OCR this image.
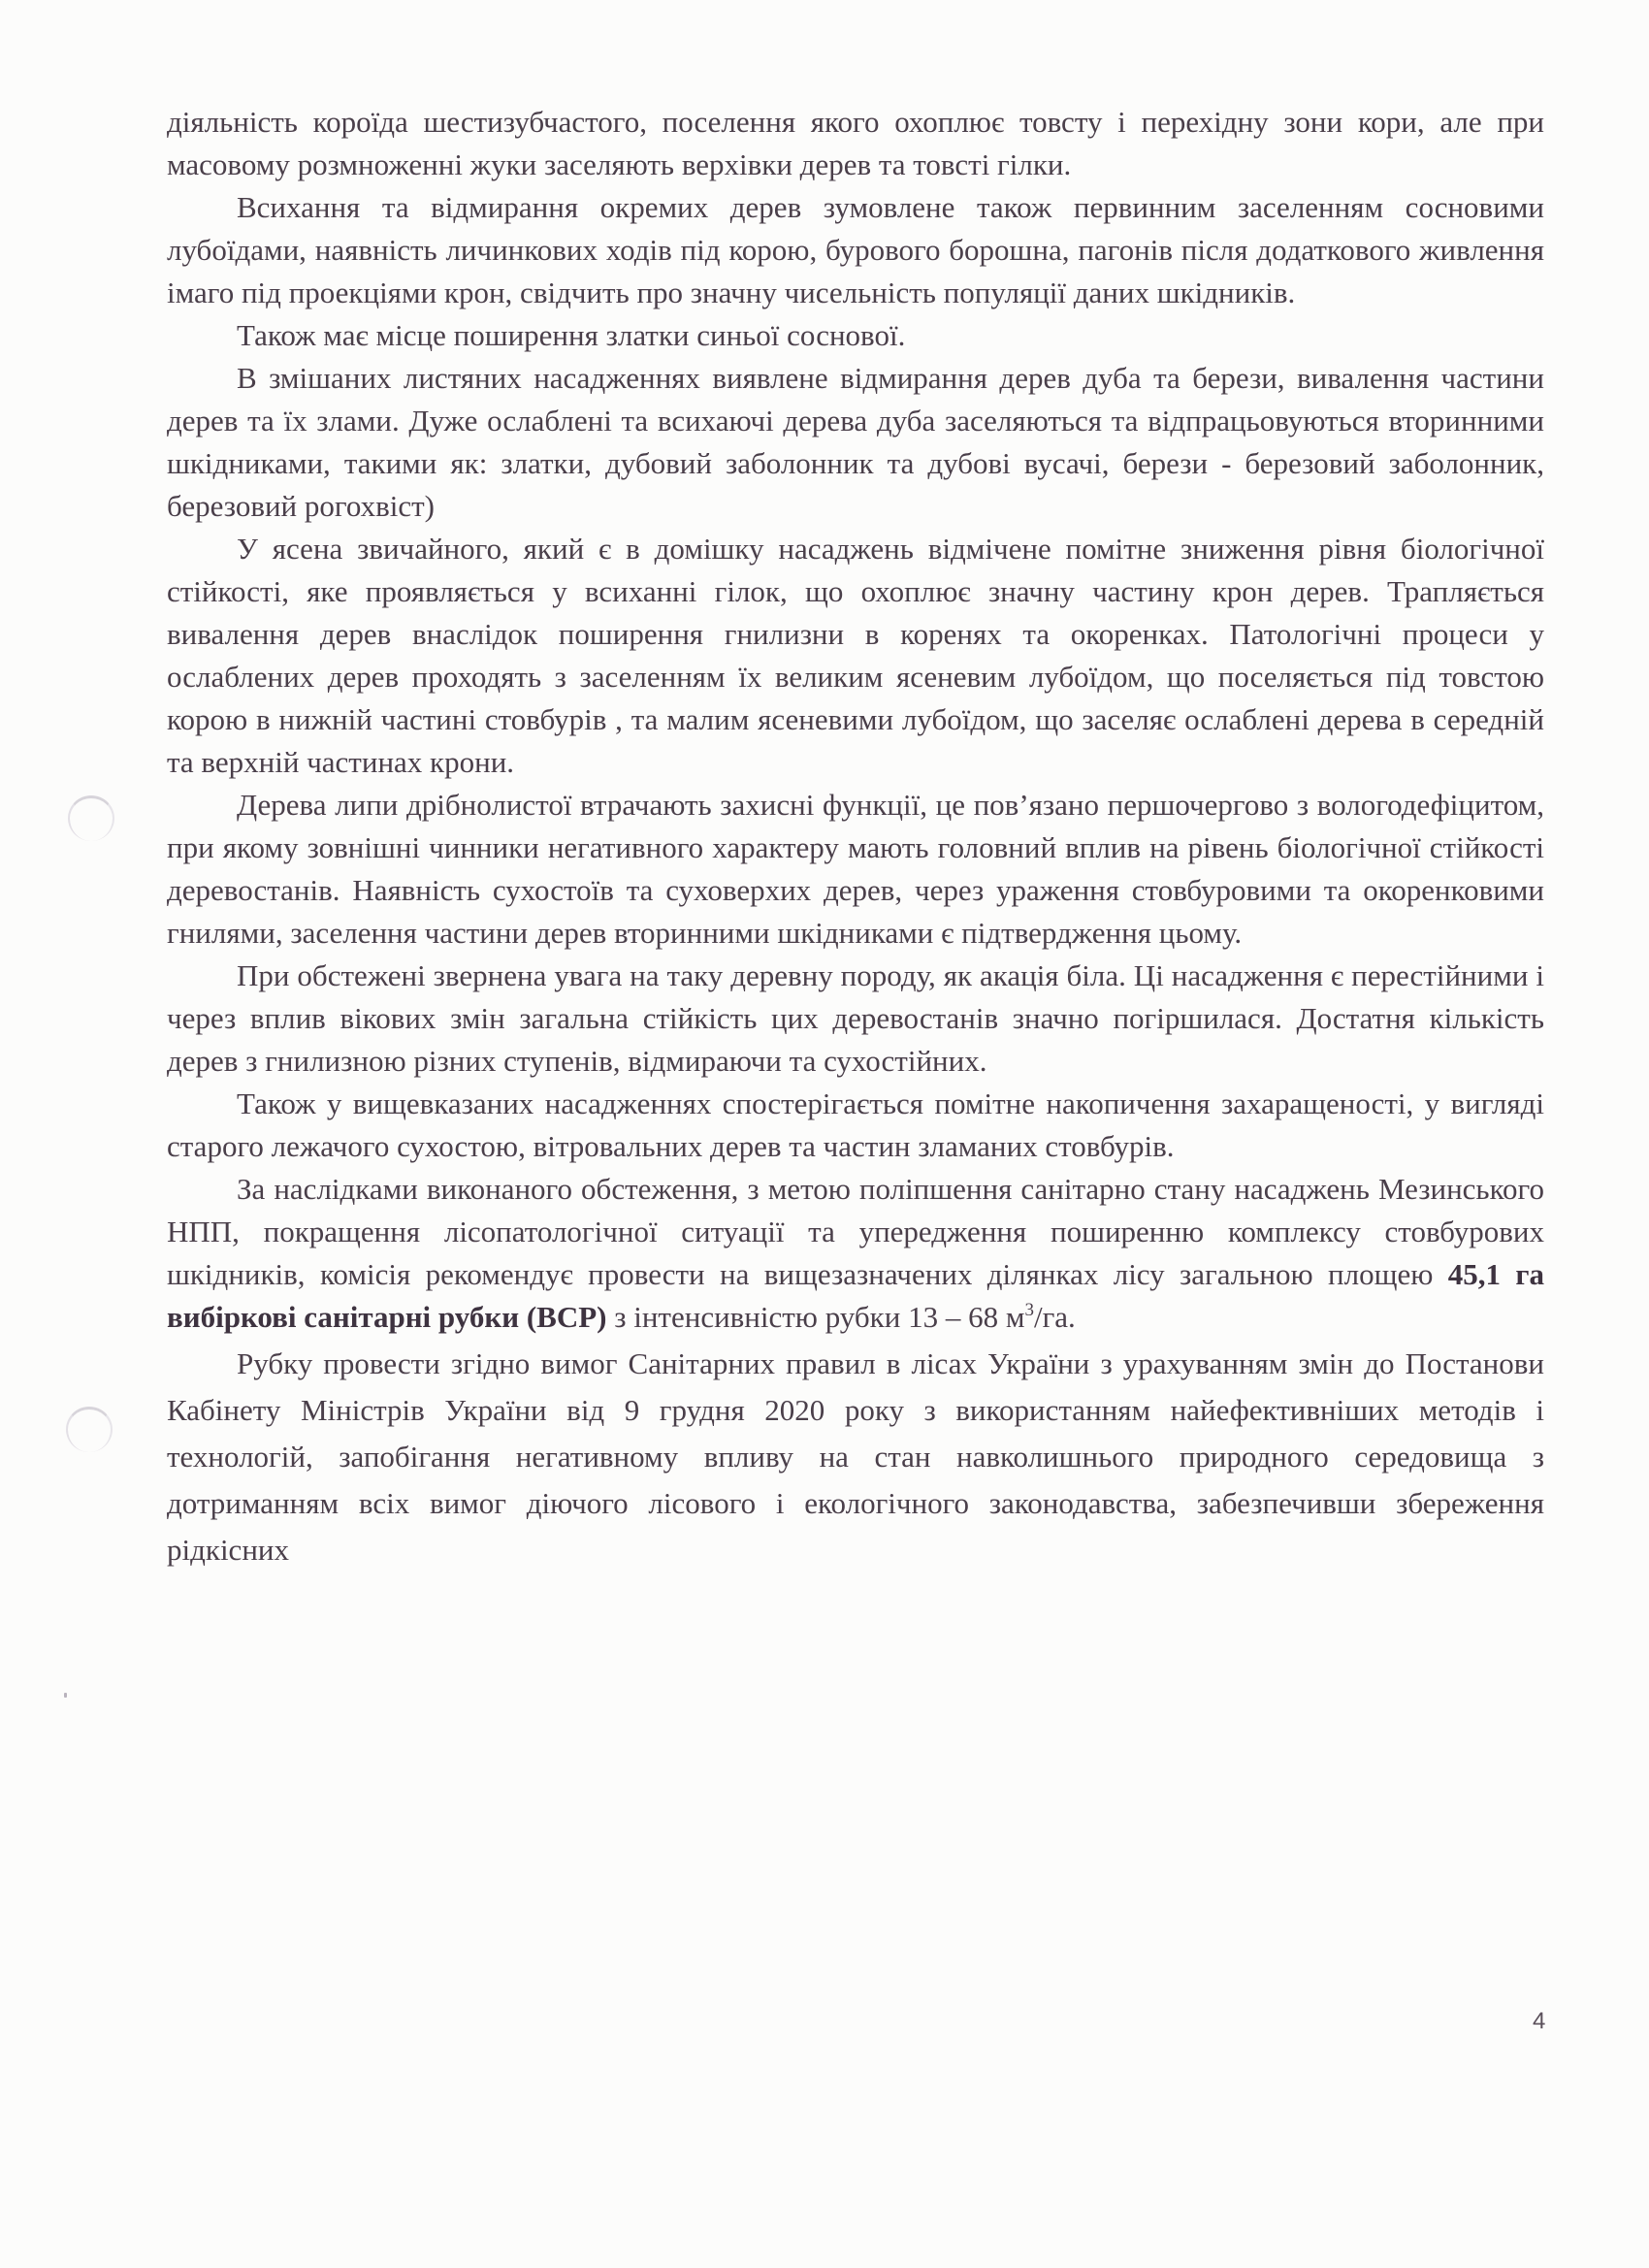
діяльність короїда шестизубчастого, поселення якого охоплює товсту і перехідну зони кори, але при масовому розмноженні жуки заселяють верхівки дерев та товсті гілки.

Всихання та відмирання окремих дерев зумовлене також первинним заселенням сосновими лубоїдами, наявність личинкових ходів під корою, бурового борошна, пагонів після додаткового живлення імаго під проекціями крон, свідчить про значну чисельність популяції даних шкідників.

Також має місце поширення златки синьої соснової.

В змішаних листяних насадженнях виявлене відмирання дерев дуба та берези, вивалення частини дерев та їх злами. Дуже ослаблені та всихаючі дерева дуба заселяються та відпрацьовуються вторинними шкідниками, такими як: златки, дубовий заболонник та дубові вусачі, берези - березовий заболонник, березовий рогохвіст)

У ясена звичайного, який є в домішку насаджень відмічене помітне зниження рівня біологічної стійкості, яке проявляється у всиханні гілок, що охоплює значну частину крон дерев. Трапляється вивалення дерев внаслідок поширення гнилизни в коренях та окоренках. Патологічні процеси у ослаблених дерев проходять з заселенням їх великим ясеневим лубоїдом, що поселяється під товстою корою в нижній частині стовбурів , та малим ясеневими лубоїдом, що заселяє ослаблені дерева в середній та верхній частинах крони.

Дерева липи дрібнолистої втрачають захисні функції, це пов’язано першочергово з вологодефіцитом, при якому зовнішні чинники негативного характеру мають головний вплив на рівень біологічної стійкості деревостанів. Наявність сухостоїв та суховерхих дерев, через ураження стовбуровими та окоренковими гнилями, заселення частини дерев вторинними шкідниками є підтвердження цьому.

При обстежені звернена увага на таку деревну породу, як акація біла. Ці насадження є перестійними і через вплив вікових змін загальна стійкість цих деревостанів значно погіршилася. Достатня кількість дерев з гнилизною різних ступенів, відмираючи та сухостійних.

Також у вищевказаних насадженнях спостерігається помітне накопичення захаращеності, у вигляді старого лежачого сухостою, вітровальних дерев та частин зламаних стовбурів.

За наслідками виконаного обстеження, з метою поліпшення санітарно стану насаджень Мезинського НПП, покращення лісопатологічної ситуації та упередження поширенню комплексу стовбурових шкідників, комісія рекомендує провести на вищезазначених ділянках лісу загальною площею 45,1 га вибіркові санітарні рубки (ВСР) з інтенсивністю рубки 13 – 68 $м^3/га$.

Рубку провести згідно вимог Санітарних правил в лісах України з урахуванням змін до Постанови Кабінету Міністрів України від 9 грудня 2020 року з використанням найефективніших методів і технологій, запобігання негативному впливу на стан навколишнього природного середовища з дотриманням всіх вимог діючого лісового і екологічного законодавства, забезпечивши збереження рідкісних

4
